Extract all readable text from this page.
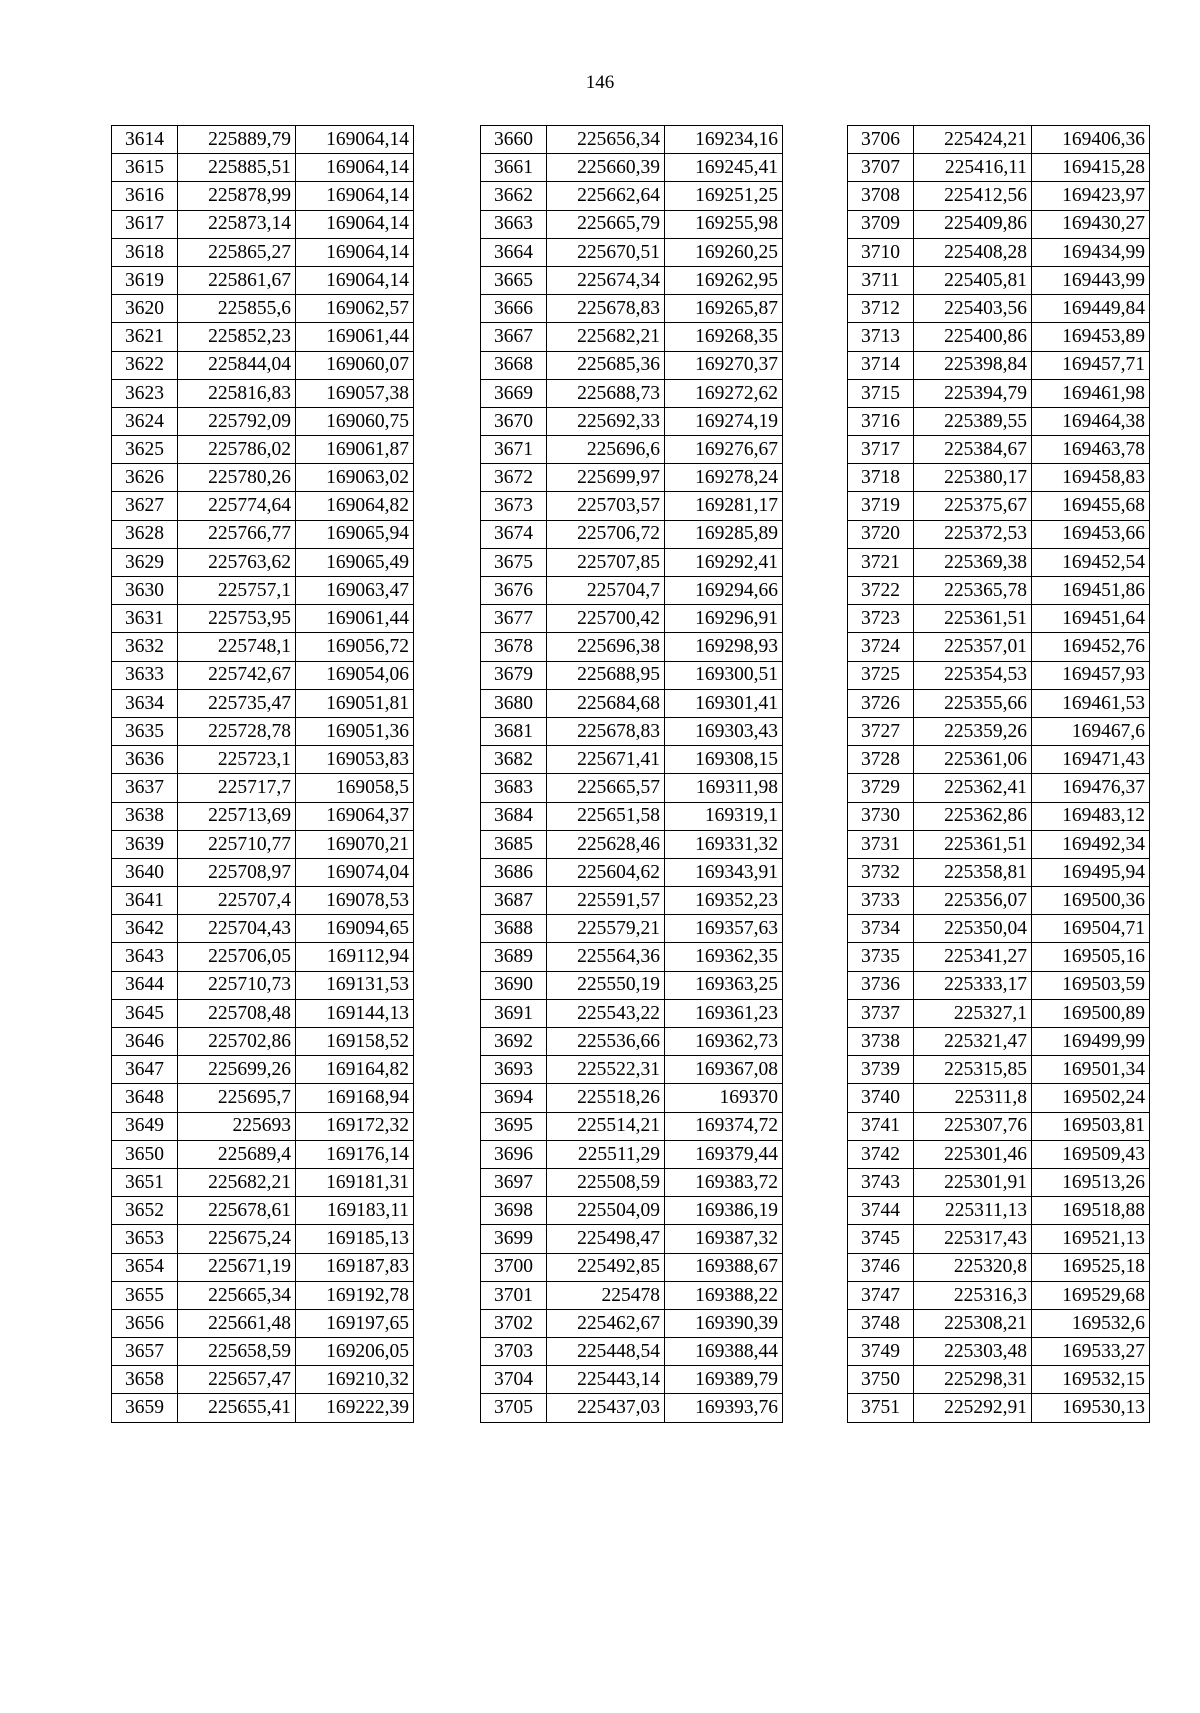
146
3614	225889,79	169064,14
3615	225885,51	169064,14
3616	225878,99	169064,14
3617	225873,14	169064,14
3618	225865,27	169064,14
3619	225861,67	169064,14
3620	225855,6	169062,57
3621	225852,23	169061,44
3622	225844,04	169060,07
3623	225816,83	169057,38
3624	225792,09	169060,75
3625	225786,02	169061,87
3626	225780,26	169063,02
3627	225774,64	169064,82
3628	225766,77	169065,94
3629	225763,62	169065,49
3630	225757,1	169063,47
3631	225753,95	169061,44
3632	225748,1	169056,72
3633	225742,67	169054,06
3634	225735,47	169051,81
3635	225728,78	169051,36
3636	225723,1	169053,83
3637	225717,7	169058,5
3638	225713,69	169064,37
3639	225710,77	169070,21
3640	225708,97	169074,04
3641	225707,4	169078,53
3642	225704,43	169094,65
3643	225706,05	169112,94
3644	225710,73	169131,53
3645	225708,48	169144,13
3646	225702,86	169158,52
3647	225699,26	169164,82
3648	225695,7	169168,94
3649	225693	169172,32
3650	225689,4	169176,14
3651	225682,21	169181,31
3652	225678,61	169183,11
3653	225675,24	169185,13
3654	225671,19	169187,83
3655	225665,34	169192,78
3656	225661,48	169197,65
3657	225658,59	169206,05
3658	225657,47	169210,32
3659	225655,41	169222,39
3660	225656,34	169234,16
3661	225660,39	169245,41
3662	225662,64	169251,25
3663	225665,79	169255,98
3664	225670,51	169260,25
3665	225674,34	169262,95
3666	225678,83	169265,87
3667	225682,21	169268,35
3668	225685,36	169270,37
3669	225688,73	169272,62
3670	225692,33	169274,19
3671	225696,6	169276,67
3672	225699,97	169278,24
3673	225703,57	169281,17
3674	225706,72	169285,89
3675	225707,85	169292,41
3676	225704,7	169294,66
3677	225700,42	169296,91
3678	225696,38	169298,93
3679	225688,95	169300,51
3680	225684,68	169301,41
3681	225678,83	169303,43
3682	225671,41	169308,15
3683	225665,57	169311,98
3684	225651,58	169319,1
3685	225628,46	169331,32
3686	225604,62	169343,91
3687	225591,57	169352,23
3688	225579,21	169357,63
3689	225564,36	169362,35
3690	225550,19	169363,25
3691	225543,22	169361,23
3692	225536,66	169362,73
3693	225522,31	169367,08
3694	225518,26	169370
3695	225514,21	169374,72
3696	225511,29	169379,44
3697	225508,59	169383,72
3698	225504,09	169386,19
3699	225498,47	169387,32
3700	225492,85	169388,67
3701	225478	169388,22
3702	225462,67	169390,39
3703	225448,54	169388,44
3704	225443,14	169389,79
3705	225437,03	169393,76
3706	225424,21	169406,36
3707	225416,11	169415,28
3708	225412,56	169423,97
3709	225409,86	169430,27
3710	225408,28	169434,99
3711	225405,81	169443,99
3712	225403,56	169449,84
3713	225400,86	169453,89
3714	225398,84	169457,71
3715	225394,79	169461,98
3716	225389,55	169464,38
3717	225384,67	169463,78
3718	225380,17	169458,83
3719	225375,67	169455,68
3720	225372,53	169453,66
3721	225369,38	169452,54
3722	225365,78	169451,86
3723	225361,51	169451,64
3724	225357,01	169452,76
3725	225354,53	169457,93
3726	225355,66	169461,53
3727	225359,26	169467,6
3728	225361,06	169471,43
3729	225362,41	169476,37
3730	225362,86	169483,12
3731	225361,51	169492,34
3732	225358,81	169495,94
3733	225356,07	169500,36
3734	225350,04	169504,71
3735	225341,27	169505,16
3736	225333,17	169503,59
3737	225327,1	169500,89
3738	225321,47	169499,99
3739	225315,85	169501,34
3740	225311,8	169502,24
3741	225307,76	169503,81
3742	225301,46	169509,43
3743	225301,91	169513,26
3744	225311,13	169518,88
3745	225317,43	169521,13
3746	225320,8	169525,18
3747	225316,3	169529,68
3748	225308,21	169532,6
3749	225303,48	169533,27
3750	225298,31	169532,15
3751	225292,91	169530,13
